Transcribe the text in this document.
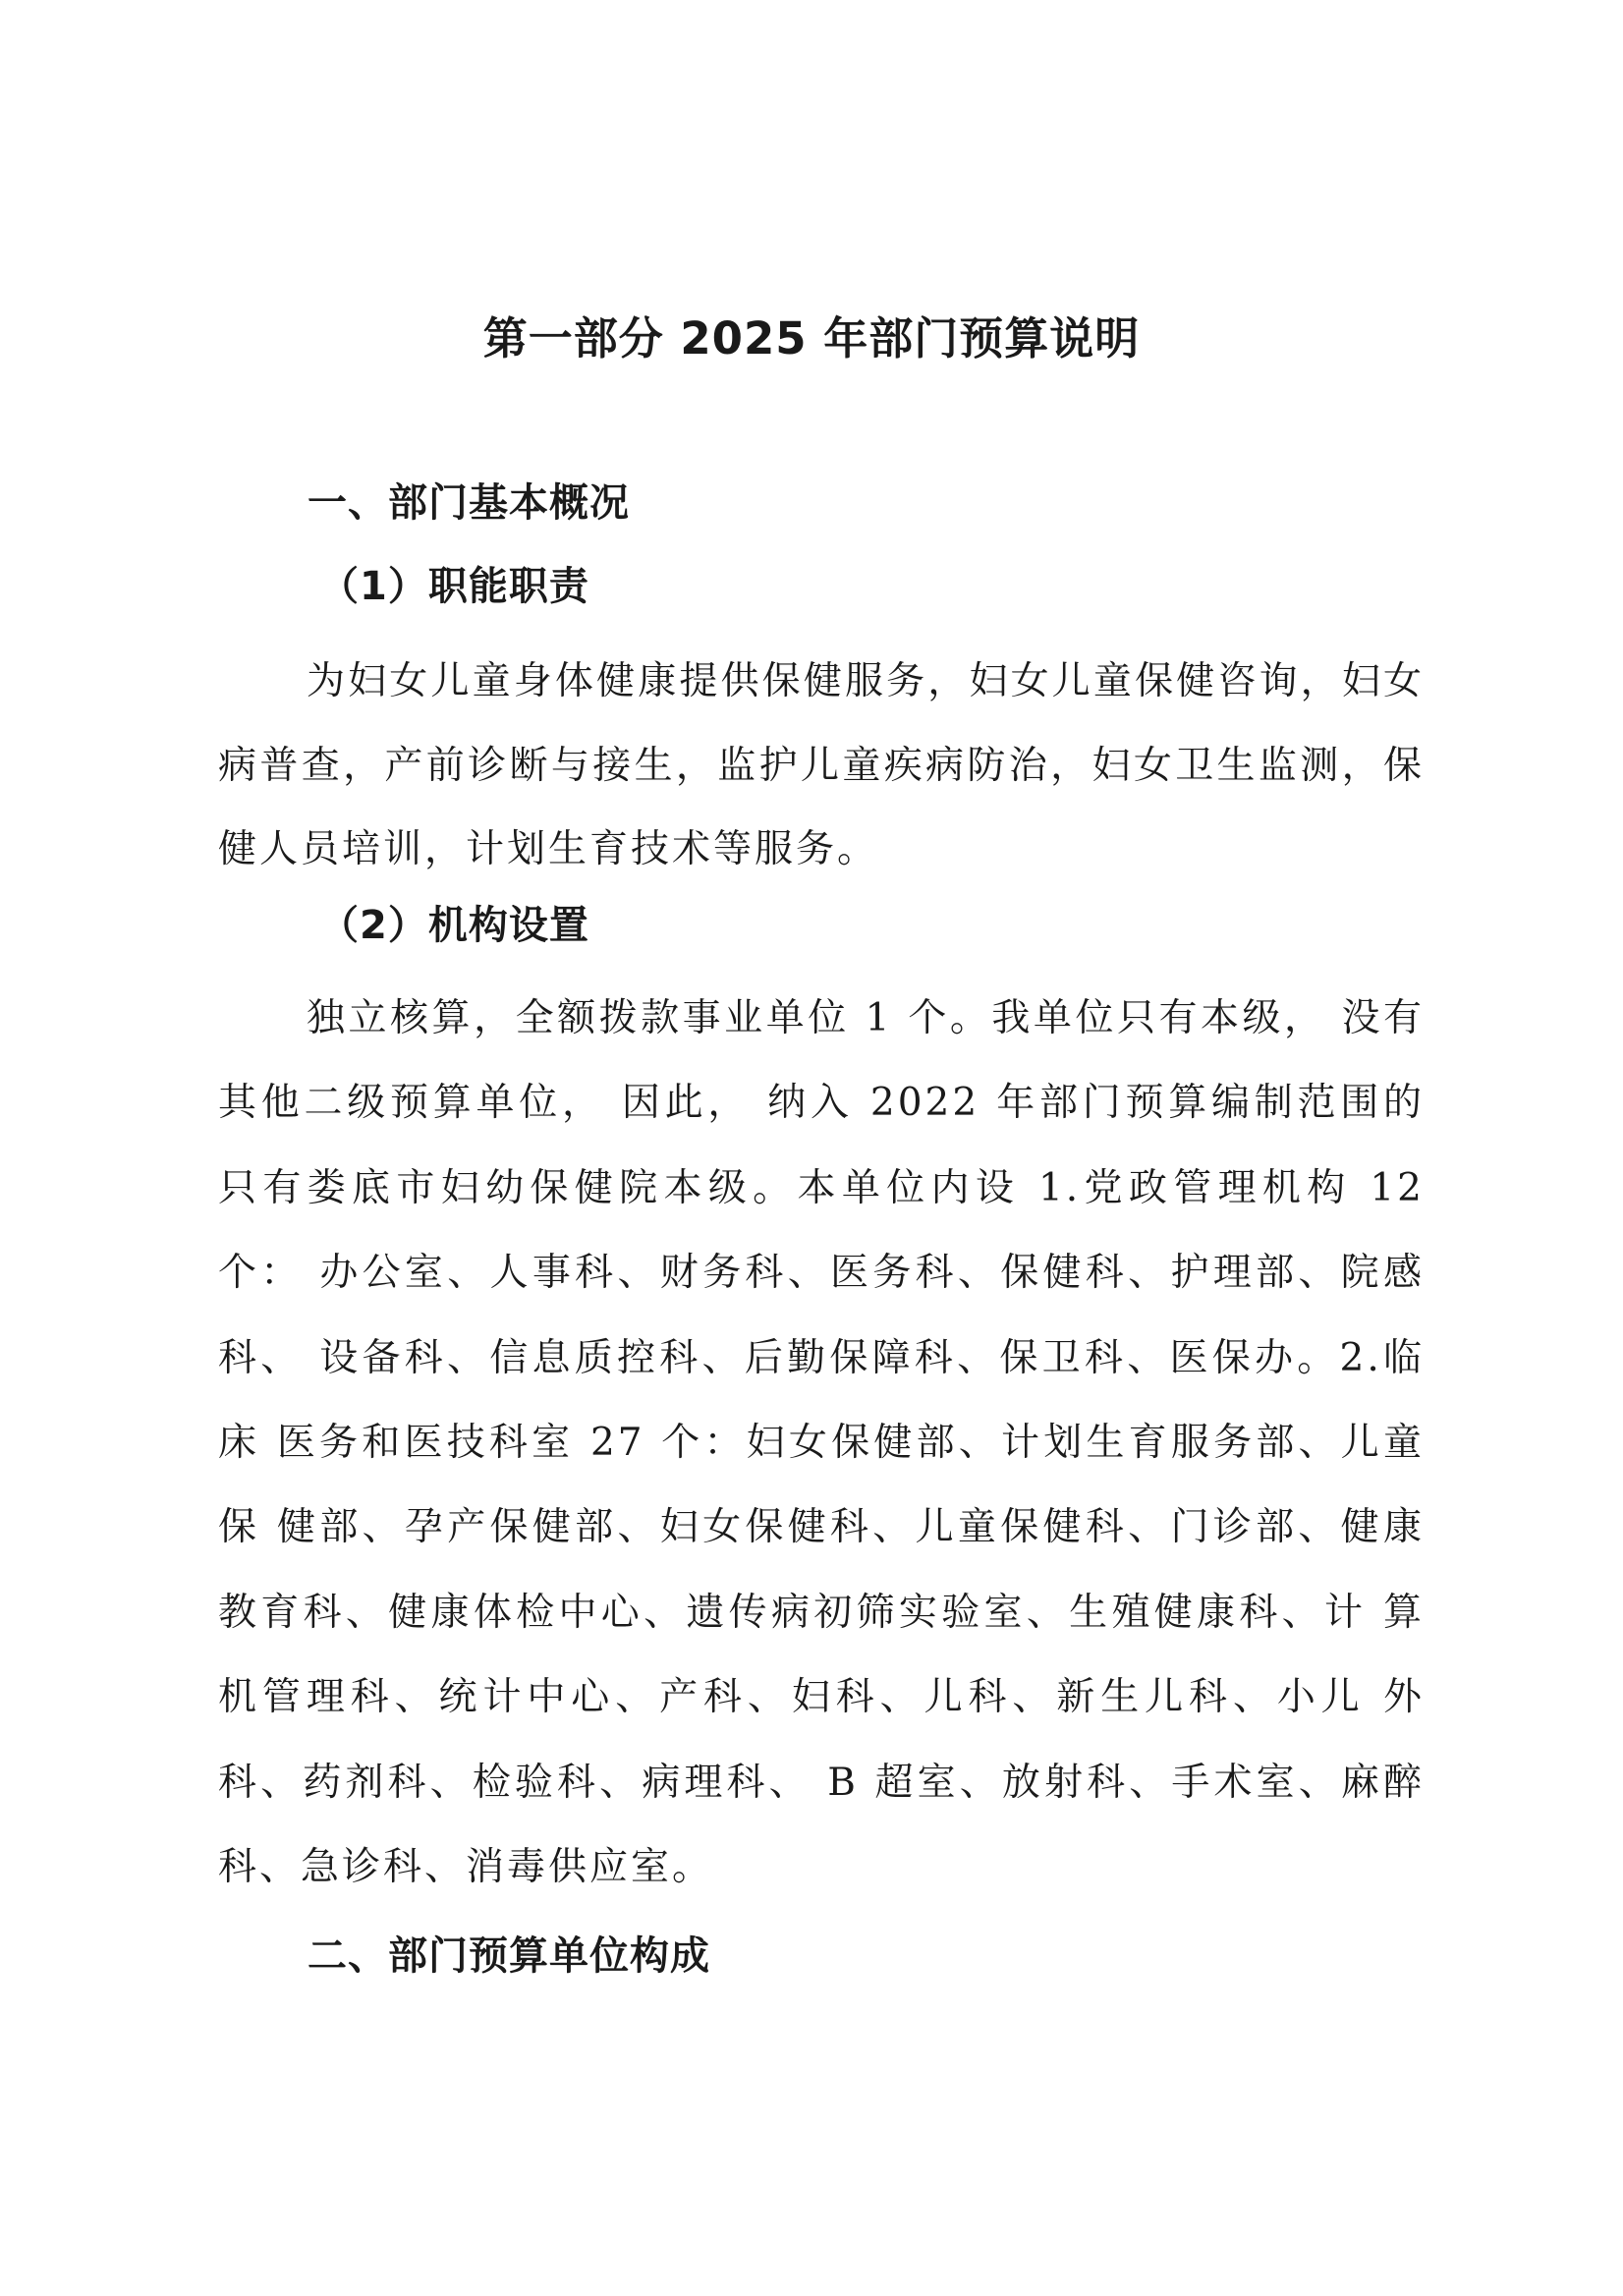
第一部分 2025 年部门预算说明
一、部门基本概况
（1）职能职责

为妇女儿童身体健康提供保健服务，妇女儿童保健咨询，妇女病普查，产前诊断与接生，监护儿童疾病防治，妇女卫生监测，保健人员培训，计划生育技术等服务。

（2）机构设置

独立核算，全额拨款事业单位 1 个。我单位只有本级， 没有其他二级预算单位， 因此， 纳入 2022 年部门预算编制范围的 只有娄底市妇幼保健院本级。本单位内设 1.党政管理机构 12 个： 办公室、人事科、财务科、医务科、保健科、护理部、院感科、 设备科、信息质控科、后勤保障科、保卫科、医保办。2.临床 医务和医技科室 27 个：妇女保健部、计划生育服务部、儿童保 健部、孕产保健部、妇女保健科、儿童保健科、门诊部、健康 教育科、健康体检中心、遗传病初筛实验室、生殖健康科、计 算机管理科、统计中心、产科、妇科、儿科、新生儿科、小儿 外科、药剂科、检验科、病理科、 B 超室、放射科、手术室、麻醉科、急诊科、消毒供应室。

二、部门预算单位构成
